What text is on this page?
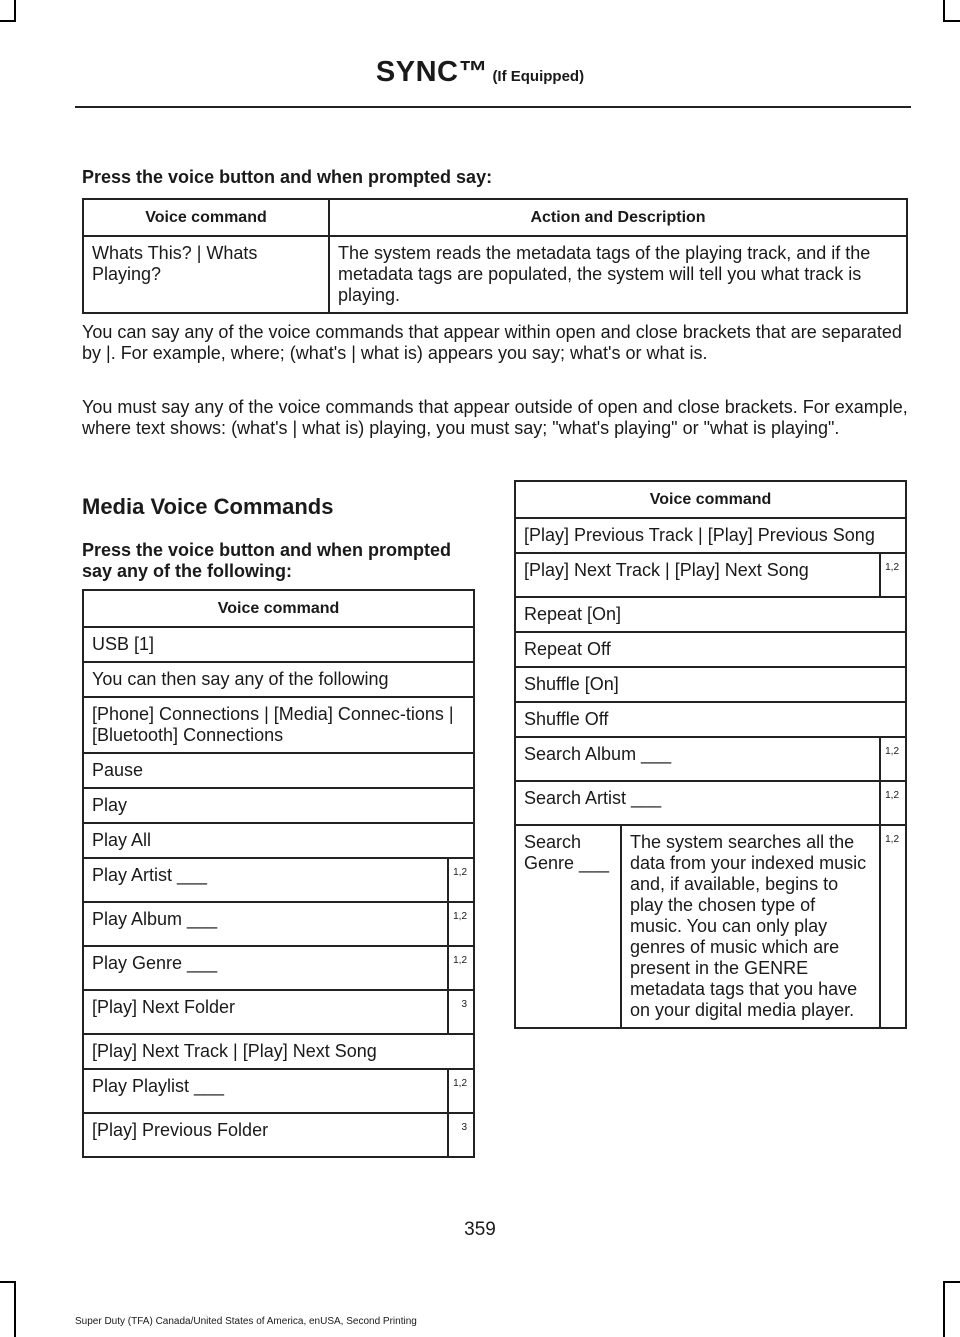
SYNC™ (If Equipped)
Press the voice button and when prompted say:
Voice command	Action and Description
Whats This? | Whats Playing?	The system reads the metadata tags of the playing track, and if the metadata tags are populated, the system will tell you what track is playing.
You can say any of the voice commands that appear within open and close brackets that are separated by |. For example, where; (what's | what is) appears you say; what's or what is.
You must say any of the voice commands that appear outside of open and close brackets. For example, where text shows: (what's | what is) playing, you must say; "what's playing" or "what is playing".
Media Voice Commands
Press the voice button and when prompted say any of the following:
Voice command	
USB [1]	
You can then say any of the following	
[Phone] Connections | [Media] Connec-tions | [Bluetooth] Connections	
Pause	
Play	
Play All	
Play Artist ___	1,2
Play Album ___	1,2
Play Genre ___	1,2
[Play] Next Folder	3
[Play] Next Track | [Play] Next Song	
Play Playlist ___	1,2
[Play] Previous Folder	3
Voice command		
[Play] Previous Track | [Play] Previous Song		
[Play] Next Track | [Play] Next Song		1,2
Repeat [On]		
Repeat Off		
Shuffle [On]		
Shuffle Off		
Search Album ___		1,2
Search Artist ___		1,2
Search Genre ___	The system searches all the data from your indexed music and, if available, begins to play the chosen type of music. You can only play genres of music which are present in the GENRE metadata tags that you have on your digital media player.	1,2
359
Super Duty (TFA) Canada/United States of America, enUSA, Second Printing
